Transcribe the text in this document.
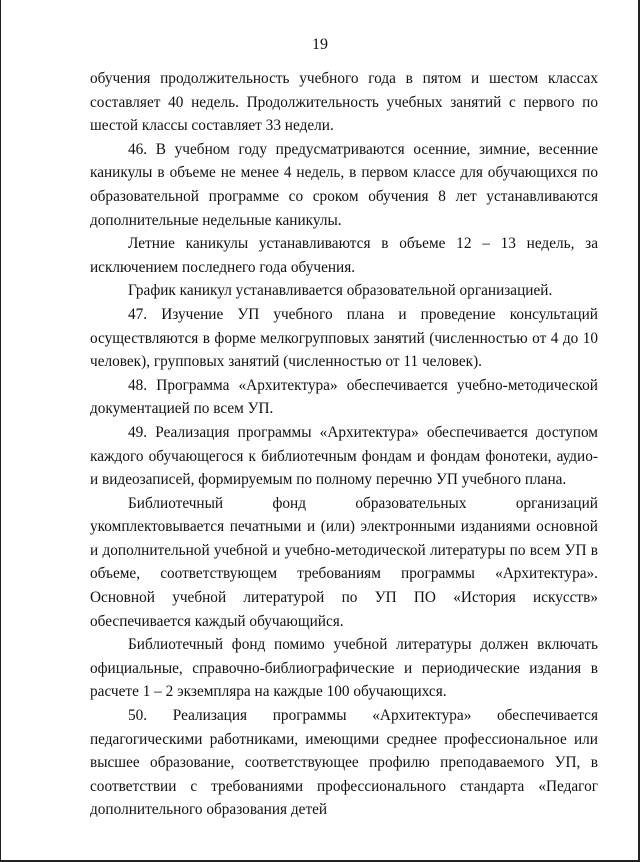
19

обучения продолжительность учебного года в пятом и шестом классах составляет 40 недель. Продолжительность учебных занятий с первого по шестой классы составляет 33 недели.

46. В учебном году предусматриваются осенние, зимние, весенние каникулы в объеме не менее 4 недель, в первом классе для обучающихся по образовательной программе со сроком обучения 8 лет устанавливаются дополнительные недельные каникулы.

Летние каникулы устанавливаются в объеме 12 – 13 недель, за исключением последнего года обучения.

График каникул устанавливается образовательной организацией.

47. Изучение УП учебного плана и проведение консультаций осуществляются в форме мелкогрупповых занятий (численностью от 4 до 10 человек), групповых занятий (численностью от 11 человек).

48. Программа «Архитектура» обеспечивается учебно-методической документацией по всем УП.

49. Реализация программы «Архитектура» обеспечивается доступом каждого обучающегося к библиотечным фондам и фондам фонотеки, аудио- и видеозаписей, формируемым по полному перечню УП учебного плана.

Библиотечный фонд образовательных организаций укомплектовывается печатными и (или) электронными изданиями основной и дополнительной учебной и учебно-методической литературы по всем УП в объеме, соответствующем требованиям программы «Архитектура». Основной учебной литературой по УП ПО «История искусств» обеспечивается каждый обучающийся.

Библиотечный фонд помимо учебной литературы должен включать официальные, справочно-библиографические и периодические издания в расчете 1 – 2 экземпляра на каждые 100 обучающихся.

50. Реализация программы «Архитектура» обеспечивается педагогическими работниками, имеющими среднее профессиональное или высшее образование, соответствующее профилю преподаваемого УП, в соответствии с требованиями профессионального стандарта «Педагог дополнительного образования детей
